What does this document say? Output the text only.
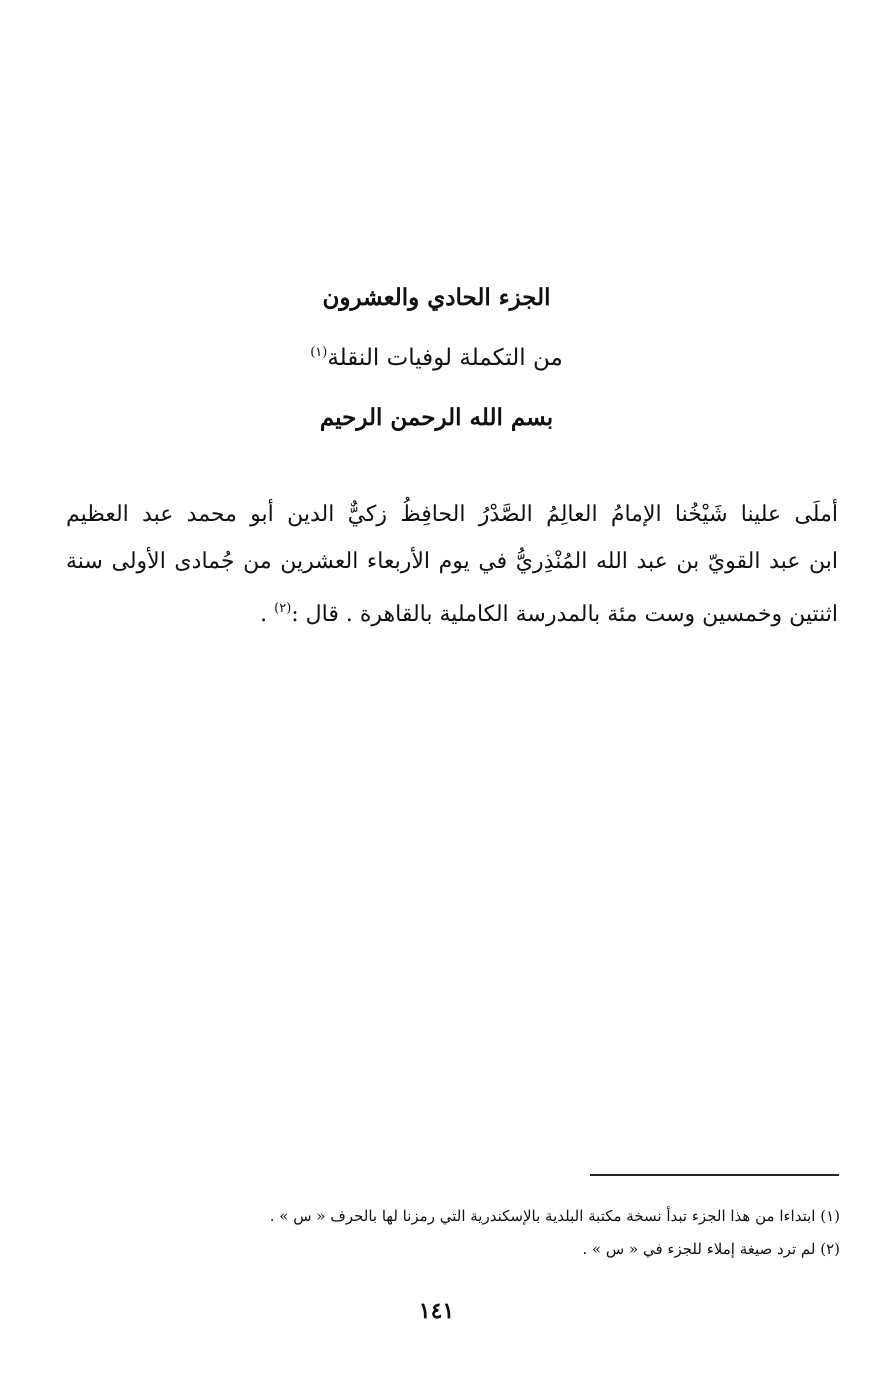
الجزء الحادي والعشرون
من التكملة لوفيات النقلة$^{(١)}$
بسم الله الرحمن الرحيم
أملَى علينا شَيْخُنا الإمامُ العالِمُ الصَّدْرُ الحافِظُ زكيٌّ الدين أبو محمد عبد العظيم
ابن عبد القويّ بن عبد الله المُنْذِريُّ في يوم الأربعاء العشرين من جُمادى الأولى سنة
اثنتين وخمسين وست مئة بالمدرسة الكاملية بالقاهرة . قال :$^{(٢)}$ .
(١) ابتداءا من هذا الجزء تبدأ نسخة مكتبة البلدية بالإسكندرية التي رمزنا لها بالحرف « س » .
(٢) لم ترد صيغة إملاء للجزء في « س » .
١٤١
